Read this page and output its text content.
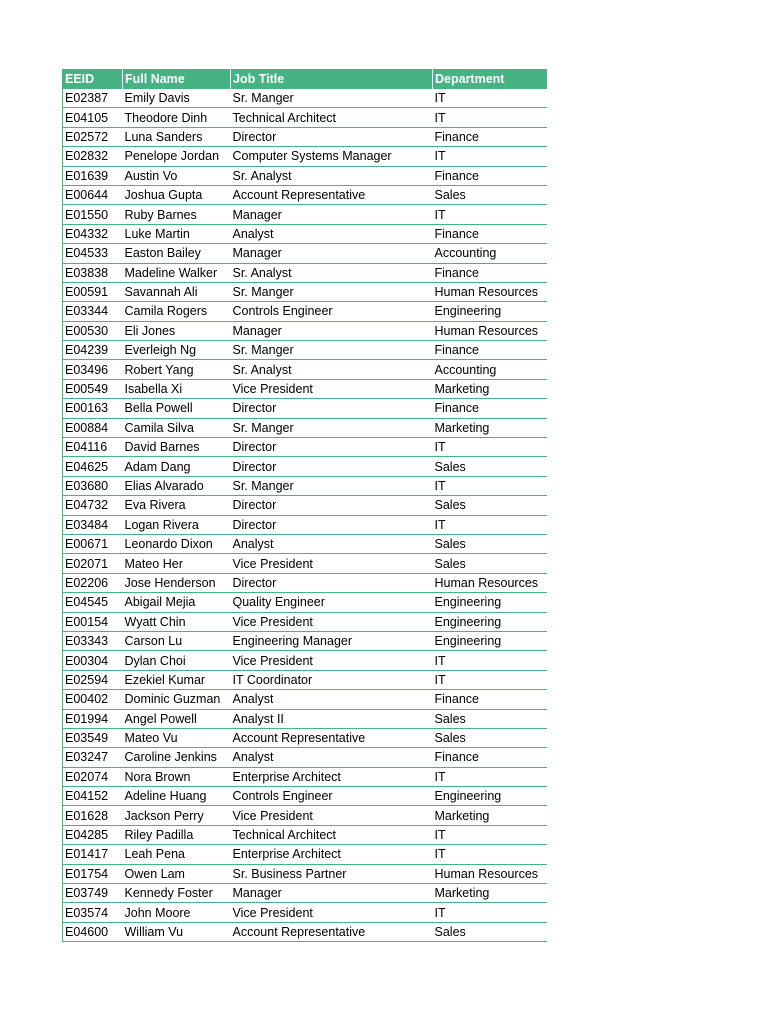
EEID	Full Name	Job Title	Department
E02387	Emily Davis	Sr. Manger	IT
E04105	Theodore Dinh	Technical Architect	IT
E02572	Luna Sanders	Director	Finance
E02832	Penelope Jordan	Computer Systems Manager	IT
E01639	Austin Vo	Sr. Analyst	Finance
E00644	Joshua Gupta	Account Representative	Sales
E01550	Ruby Barnes	Manager	IT
E04332	Luke Martin	Analyst	Finance
E04533	Easton Bailey	Manager	Accounting
E03838	Madeline Walker	Sr. Analyst	Finance
E00591	Savannah Ali	Sr. Manger	Human Resources
E03344	Camila Rogers	Controls Engineer	Engineering
E00530	Eli Jones	Manager	Human Resources
E04239	Everleigh Ng	Sr. Manger	Finance
E03496	Robert Yang	Sr. Analyst	Accounting
E00549	Isabella Xi	Vice President	Marketing
E00163	Bella Powell	Director	Finance
E00884	Camila Silva	Sr. Manger	Marketing
E04116	David Barnes	Director	IT
E04625	Adam Dang	Director	Sales
E03680	Elias Alvarado	Sr. Manger	IT
E04732	Eva Rivera	Director	Sales
E03484	Logan Rivera	Director	IT
E00671	Leonardo Dixon	Analyst	Sales
E02071	Mateo Her	Vice President	Sales
E02206	Jose Henderson	Director	Human Resources
E04545	Abigail Mejia	Quality Engineer	Engineering
E00154	Wyatt Chin	Vice President	Engineering
E03343	Carson Lu	Engineering Manager	Engineering
E00304	Dylan Choi	Vice President	IT
E02594	Ezekiel Kumar	IT Coordinator	IT
E00402	Dominic Guzman	Analyst	Finance
E01994	Angel Powell	Analyst II	Sales
E03549	Mateo Vu	Account Representative	Sales
E03247	Caroline Jenkins	Analyst	Finance
E02074	Nora Brown	Enterprise Architect	IT
E04152	Adeline Huang	Controls Engineer	Engineering
E01628	Jackson Perry	Vice President	Marketing
E04285	Riley Padilla	Technical Architect	IT
E01417	Leah Pena	Enterprise Architect	IT
E01754	Owen Lam	Sr. Business Partner	Human Resources
E03749	Kennedy Foster	Manager	Marketing
E03574	John Moore	Vice President	IT
E04600	William Vu	Account Representative	Sales
